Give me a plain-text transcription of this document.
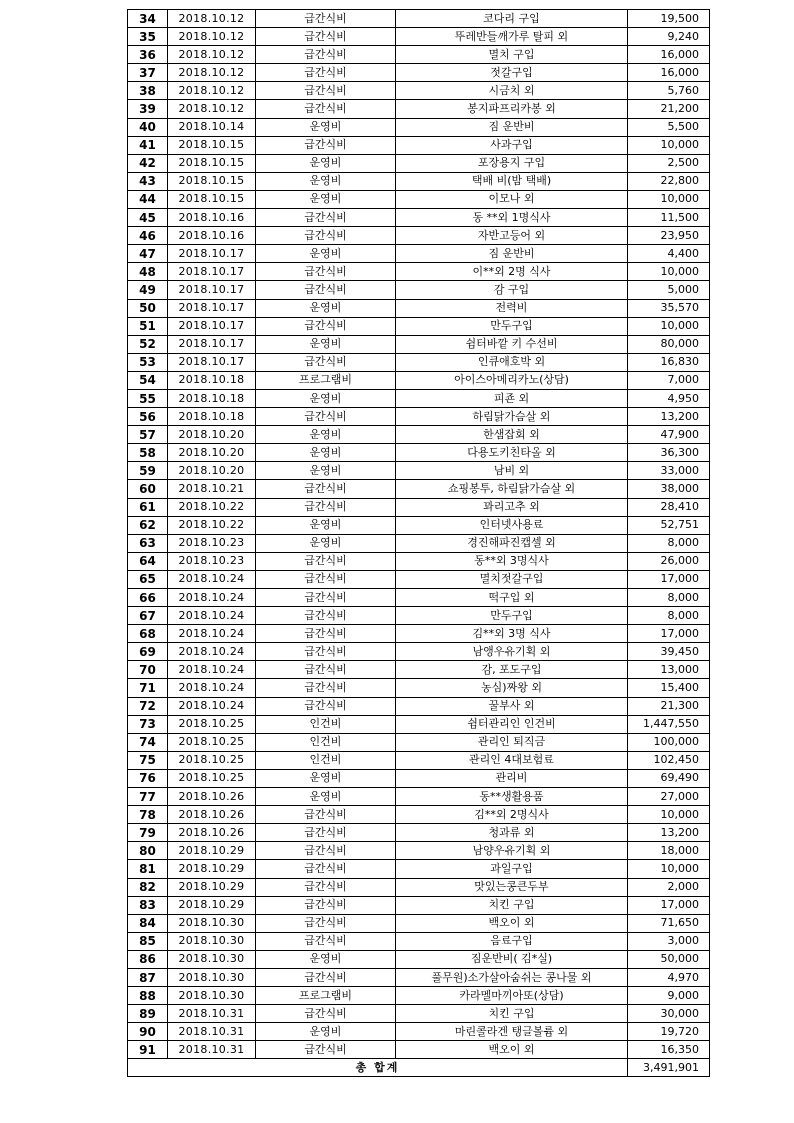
34	2018.10.12	급간식비	코다리 구입	19,500
35	2018.10.12	급간식비	뚜레반들깨가루 탈피 외	9,240
36	2018.10.12	급간식비	멸치 구입	16,000
37	2018.10.12	급간식비	젓갈구입	16,000
38	2018.10.12	급간식비	시금치 외	5,760
39	2018.10.12	급간식비	봉지파프리카봉 외	21,200
40	2018.10.14	운영비	짐 운반비	5,500
41	2018.10.15	급간식비	사과구입	10,000
42	2018.10.15	운영비	포장용지 구입	2,500
43	2018.10.15	운영비	택배 비(밤 택배)	22,800
44	2018.10.15	운영비	이모나 외	10,000
45	2018.10.16	급간식비	동 **외 1명식사	11,500
46	2018.10.16	급간식비	자반고등어 외	23,950
47	2018.10.17	운영비	짐 운반비	4,400
48	2018.10.17	급간식비	이**외 2명 식사	10,000
49	2018.10.17	급간식비	감 구입	5,000
50	2018.10.17	운영비	전력비	35,570
51	2018.10.17	급간식비	만두구입	10,000
52	2018.10.17	운영비	쉼터바깥 키 수선비	80,000
53	2018.10.17	급간식비	인큐애호박 외	16,830
54	2018.10.18	프로그램비	아이스아메리카노(상담)	7,000
55	2018.10.18	운영비	피죤 외	4,950
56	2018.10.18	급간식비	하림닭가슴살 외	13,200
57	2018.10.20	운영비	한샘잡회 외	47,900
58	2018.10.20	운영비	다용도키친타올 외	36,300
59	2018.10.20	운영비	남비 외	33,000
60	2018.10.21	급간식비	쇼핑봉투, 하림닭가슴살 외	38,000
61	2018.10.22	급간식비	꽈리고추 외	28,410
62	2018.10.22	운영비	인터넷사용료	52,751
63	2018.10.23	운영비	경진해파진캡셀 외	8,000
64	2018.10.23	급간식비	동**외 3명식사	26,000
65	2018.10.24	급간식비	멸치젓갈구입	17,000
66	2018.10.24	급간식비	떡구입 외	8,000
67	2018.10.24	급간식비	만두구입	8,000
68	2018.10.24	급간식비	김**외 3명 식사	17,000
69	2018.10.24	급간식비	남앵우유기획 외	39,450
70	2018.10.24	급간식비	감, 포도구입	13,000
71	2018.10.24	급간식비	농심)짜왕 외	15,400
72	2018.10.24	급간식비	꿀부사 외	21,300
73	2018.10.25	인건비	쉼터관리인 인건비	1,447,550
74	2018.10.25	인건비	관리인 퇴직금	100,000
75	2018.10.25	인건비	관리인 4대보험료	102,450
76	2018.10.25	운영비	관리비	69,490
77	2018.10.26	운영비	동**생활용품	27,000
78	2018.10.26	급간식비	김**외 2명식사	10,000
79	2018.10.26	급간식비	청과류 외	13,200
80	2018.10.29	급간식비	남양우유기획 외	18,000
81	2018.10.29	급간식비	과일구입	10,000
82	2018.10.29	급간식비	맛있는콩큰두부	2,000
83	2018.10.29	급간식비	치킨 구입	17,000
84	2018.10.30	급간식비	백오이 외	71,650
85	2018.10.30	급간식비	음료구입	3,000
86	2018.10.30	운영비	짐운반비( 김*실)	50,000
87	2018.10.30	급간식비	풀무원)소가살아숨쉬는 콩나물 외	4,970
88	2018.10.30	프로그램비	카라멜마끼아또(상담)	9,000
89	2018.10.31	급간식비	치킨 구입	30,000
90	2018.10.31	운영비	마린콜라겐 탱글볼륨 외	19,720
91	2018.10.31	급간식비	백오이 외	16,350
총 합계				3,491,901
